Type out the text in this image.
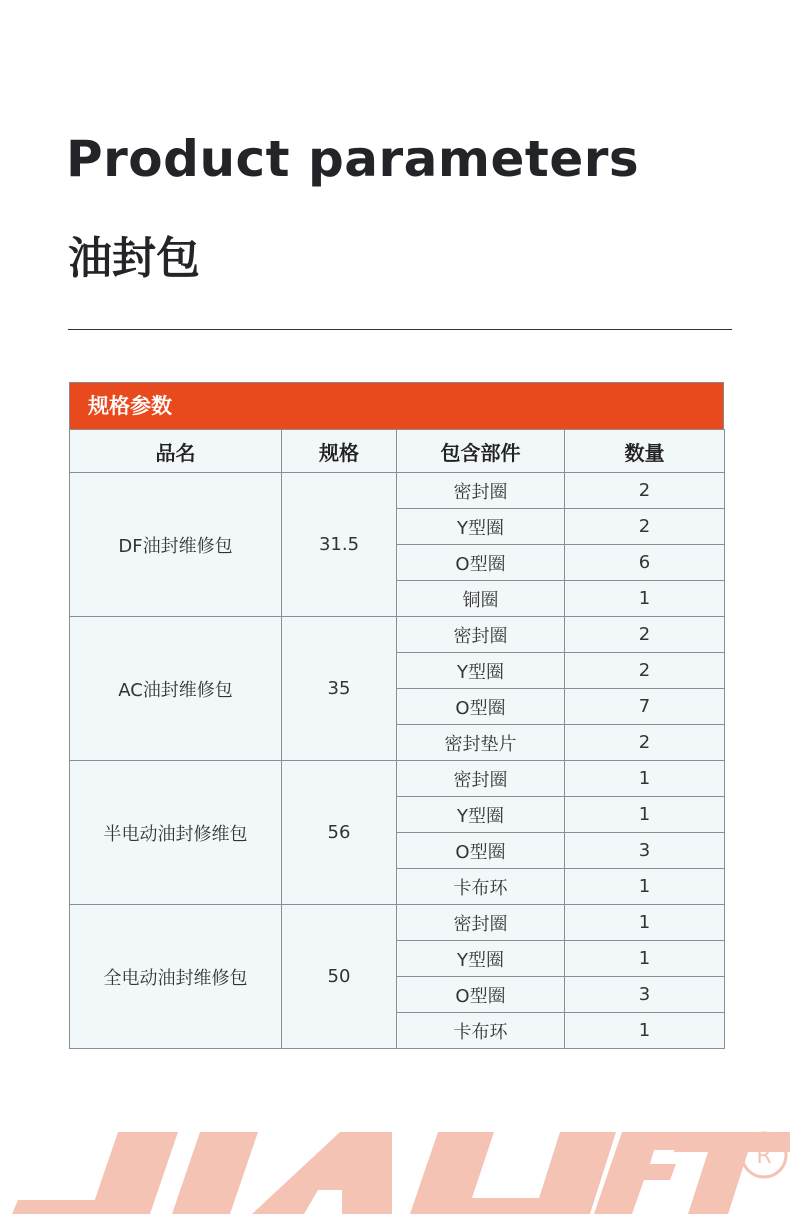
Product parameters
油封包
规格参数
品名	规格	包含部件	数量
DF油封维修包	31.5	密封圈	2
		Y型圈	2
		O型圈	6
		铜圈	1
AC油封维修包	35	密封圈	2
		Y型圈	2
		O型圈	7
		密封垫片	2
半电动油封修维包	56	密封圈	1
		Y型圈	1
		O型圈	3
		卡布环	1
全电动油封维修包	50	密封圈	1
		Y型圈	1
		O型圈	3
		卡布环	1
R
